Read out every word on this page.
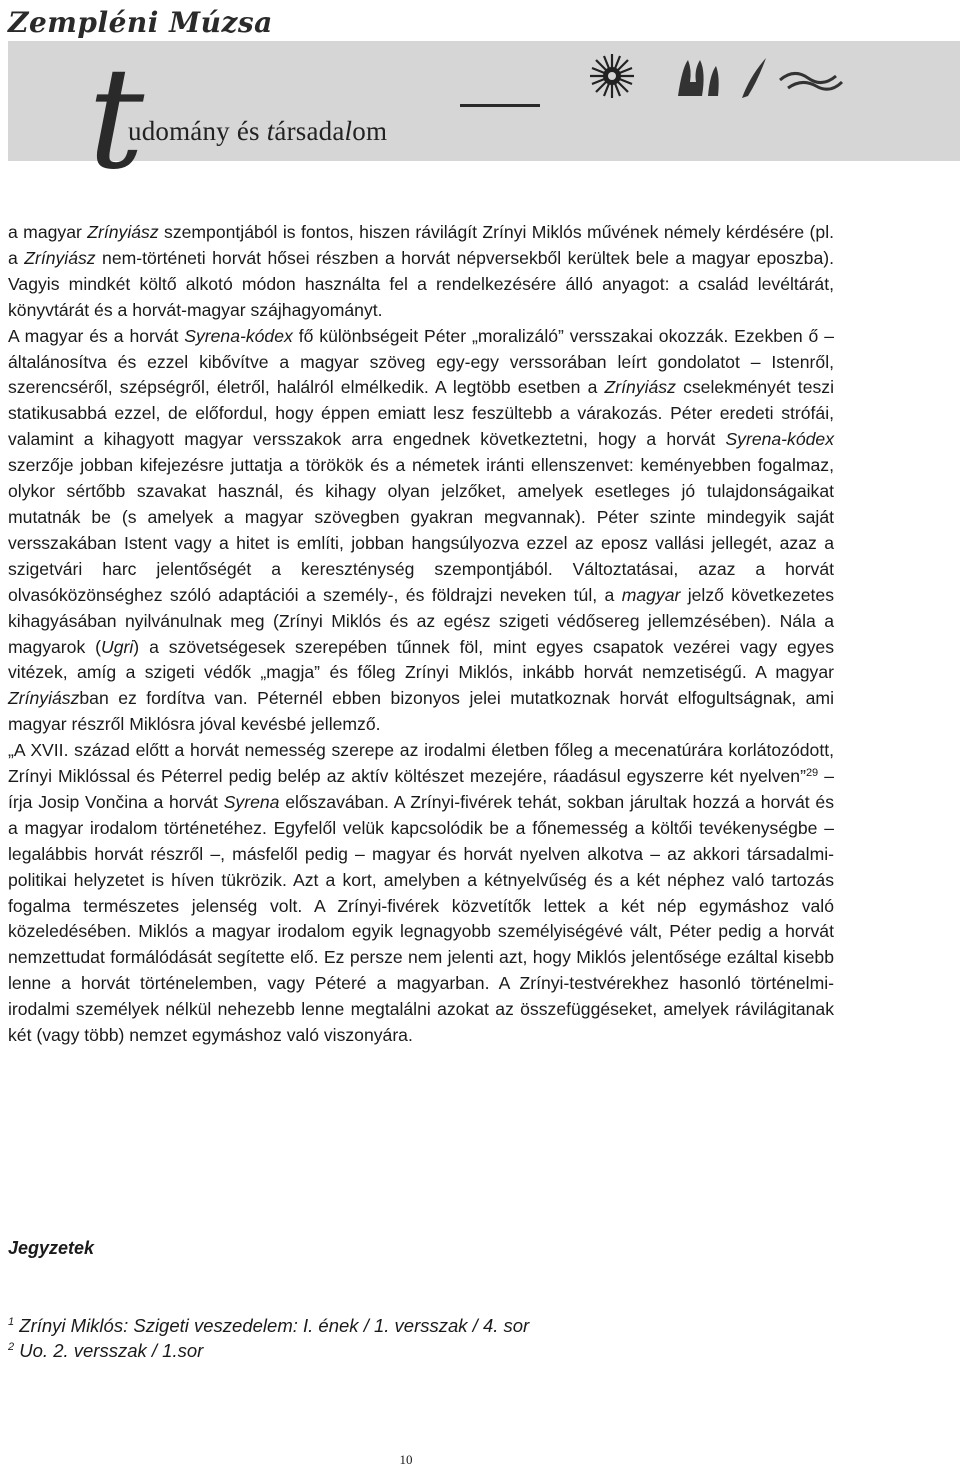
Zempléni Múzsa
t
udomány és társadalom

a magyar Zrínyiász szempontjából is fontos, hiszen rávilágít Zrínyi Miklós művének némely kérdésére (pl. a Zrínyiász nem-történeti horvát hősei részben a horvát népversekből kerültek bele a magyar eposzba). Vagyis mindkét költő alkotó módon használta fel a rendelkezésére álló anyagot: a család levéltárát, könyvtárát és a horvát-magyar szájhagyományt.

A magyar és a horvát Syrena-kódex fő különbségeit Péter „moralizáló” versszakai okozzák. Ezekben ő – általánosítva és ezzel kibővítve a magyar szöveg egy-egy verssorában leírt gondolatot – Istenről, szerencséről, szépségről, életről, halálról elmélkedik. A legtöbb esetben a Zrínyiász cselekményét teszi statikusabbá ezzel, de előfordul, hogy éppen emiatt lesz feszültebb a várakozás. Péter eredeti strófái, valamint a kihagyott magyar versszakok arra engednek következtetni, hogy a horvát Syrena-kódex szerzője jobban kifejezésre juttatja a törökök és a németek iránti ellenszenvet: keményebben fogalmaz, olykor sértőbb szavakat használ, és kihagy olyan jelzőket, amelyek esetleges jó tulajdonságaikat mutatnák be (s amelyek a magyar szövegben gyakran megvannak). Péter szinte mindegyik saját versszakában Istent vagy a hitet is említi, jobban hangsúlyozva ezzel az eposz vallási jellegét, azaz a szigetvári harc jelentőségét a kereszténység szempontjából. Változtatásai, azaz a horvát olvasóközönséghez szóló adaptációi a személy-, és földrajzi neveken túl, a magyar jelző következetes kihagyásában nyilvánulnak meg (Zrínyi Miklós és az egész szigeti védősereg jellemzésében). Nála a magyarok (Ugri) a szövetségesek szerepében tűnnek föl, mint egyes csapatok vezérei vagy egyes vitézek, amíg a szigeti védők „magja” és főleg Zrínyi Miklós, inkább horvát nemzetiségű. A magyar Zrínyiászban ez fordítva van. Péternél ebben bizonyos jelei mutatkoznak horvát elfogultságnak, ami magyar részről Miklósra jóval kevésbé jellemző.

„A XVII. század előtt a horvát nemesség szerepe az irodalmi életben főleg a mecenatúrára korlátozódott, Zrínyi Miklóssal és Péterrel pedig belép az aktív költészet mezejére, ráadásul egyszerre két nyelven”$^{29}$ – írja Josip Vončina a horvát Syrena előszavában. A Zrínyi-fivérek tehát, sokban járultak hozzá a horvát és a magyar irodalom történetéhez. Egyfelől velük kapcsolódik be a főnemesség a költői tevékenységbe – legalábbis horvát részről –, másfelől pedig – magyar és horvát nyelven alkotva – az akkori társadalmi-politikai helyzetet is híven tükrözik. Azt a kort, amelyben a kétnyelvűség és a két néphez való tartozás fogalma természetes jelenség volt. A Zrínyi-fivérek közvetítők lettek a két nép egymáshoz való közeledésében. Miklós a magyar irodalom egyik legnagyobb személyiségévé vált, Péter pedig a horvát nemzettudat formálódását segítette elő. Ez persze nem jelenti azt, hogy Miklós jelentősége ezáltal kisebb lenne a horvát történelemben, vagy Péteré a magyarban. A Zrínyi-testvérekhez hasonló történelmi-irodalmi személyek nélkül nehezebb lenne megtalálni azokat az összefüggéseket, amelyek rávilágitanak két (vagy több) nemzet egymáshoz való viszonyára.

Jegyzetek
$^1$ Zrínyi Miklós: Szigeti veszedelem: I. ének / 1. versszak / 4. sor
$^2$ Uo. 2. versszak / 1.sor
10
